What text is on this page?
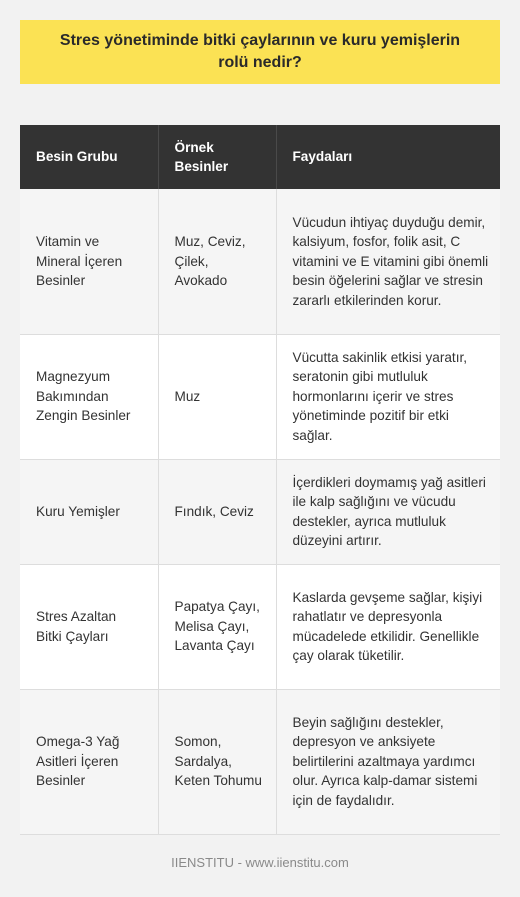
Stres yönetiminde bitki çaylarının ve kuru yemişlerin rolü nedir?
Besin Grubu	Örnek Besinler	Faydaları
Vitamin ve Mineral İçeren Besinler	Muz, Ceviz, Çilek, Avokado	Vücudun ihtiyaç duyduğu demir, kalsiyum, fosfor, folik asit, C vitamini ve E vitamini gibi önemli besin öğelerini sağlar ve stresin zararlı etkilerinden korur.
Magnezyum Bakımından Zengin Besinler	Muz	Vücutta sakinlik etkisi yaratır, seratonin gibi mutluluk hormonlarını içerir ve stres yönetiminde pozitif bir etki sağlar.
Kuru Yemişler	Fındık, Ceviz	İçerdikleri doymamış yağ asitleri ile kalp sağlığını ve vücudu destekler, ayrıca mutluluk düzeyini artırır.
Stres Azaltan Bitki Çayları	Papatya Çayı, Melisa Çayı, Lavanta Çayı	Kaslarda gevşeme sağlar, kişiyi rahatlatır ve depresyonla mücadelede etkilidir. Genellikle çay olarak tüketilir.
Omega-3 Yağ Asitleri İçeren Besinler	Somon, Sardalya, Keten Tohumu	Beyin sağlığını destekler, depresyon ve anksiyete belirtilerini azaltmaya yardımcı olur. Ayrıca kalp-damar sistemi için de faydalıdır.
IIENSTITU - www.iienstitu.com
